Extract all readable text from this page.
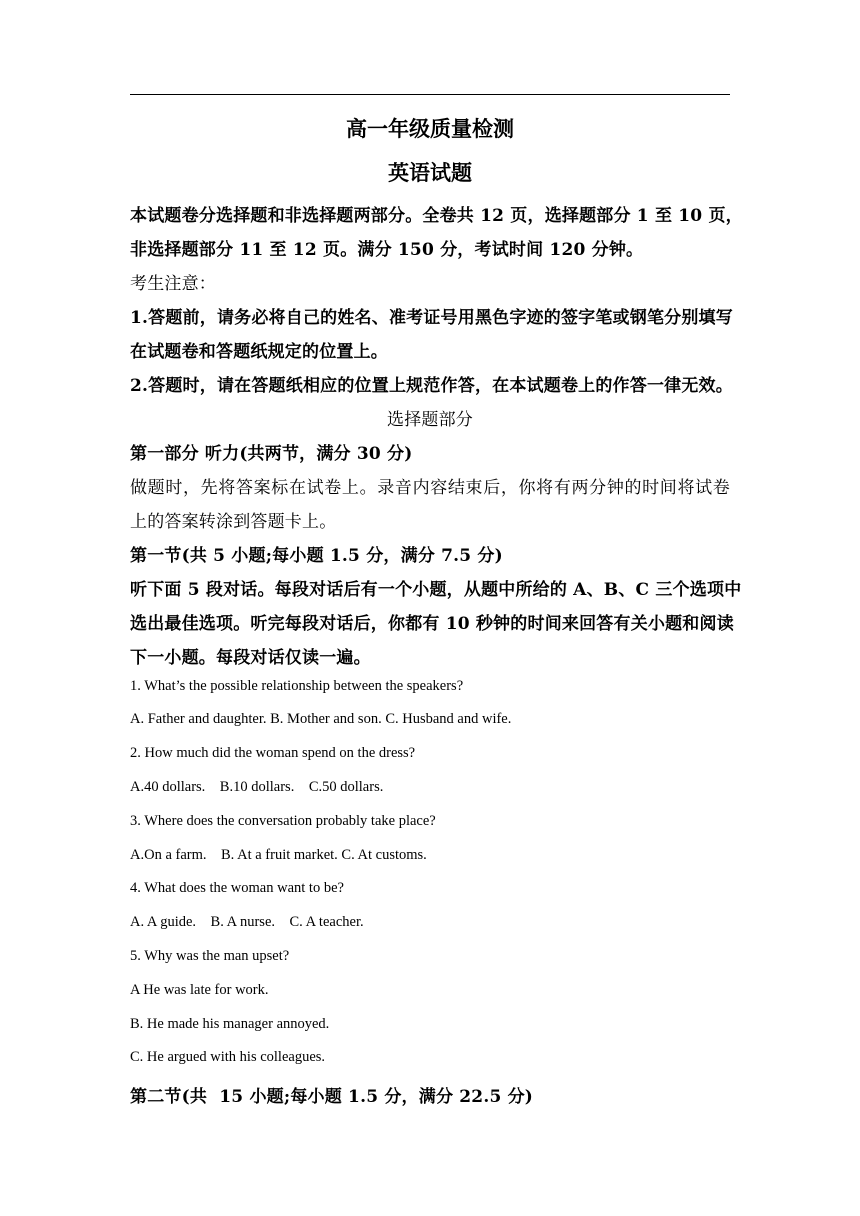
高一年级质量检测
英语试题
本试题卷分选择题和非选择题两部分。全卷共 12 页，选择题部分 1 至 10 页，
非选择题部分 11 至 12 页。满分 150 分，考试时间 120 分钟。
考生注意：
1.答题前，请务必将自己的姓名、准考证号用黑色字迹的签字笔或钢笔分别填写
在试题卷和答题纸规定的位置上。
2.答题时，请在答题纸相应的位置上规范作答，在本试题卷上的作答一律无效。
选择题部分
第一部分 听力(共两节，满分 30 分)
做题时，先将答案标在试卷上。录音内容结束后，你将有两分钟的时间将试卷
上的答案转涂到答题卡上。
第一节(共 5 小题;每小题 1.5 分，满分 7.5 分)
听下面 5 段对话。每段对话后有一个小题，从题中所给的 A、B、C 三个选项中
选出最佳选项。听完每段对话后，你都有 10 秒钟的时间来回答有关小题和阅读
下一小题。每段对话仅读一遍。
1. What’s the possible relationship between the speakers?
A. Father and daughter. B. Mother and son. C. Husband and wife.
2. How much did the woman spend on the dress?
A.40 dollars.    B.10 dollars.    C.50 dollars.
3. Where does the conversation probably take place?
A.On a farm.    B. At a fruit market. C. At customs.
4. What does the woman want to be?
A. A guide.    B. A nurse.    C. A teacher.
5. Why was the man upset?
A He was late for work.
B. He made his manager annoyed.
C. He argued with his colleagues.
第二节(共  15 小题;每小题 1.5 分，满分 22.5 分)
